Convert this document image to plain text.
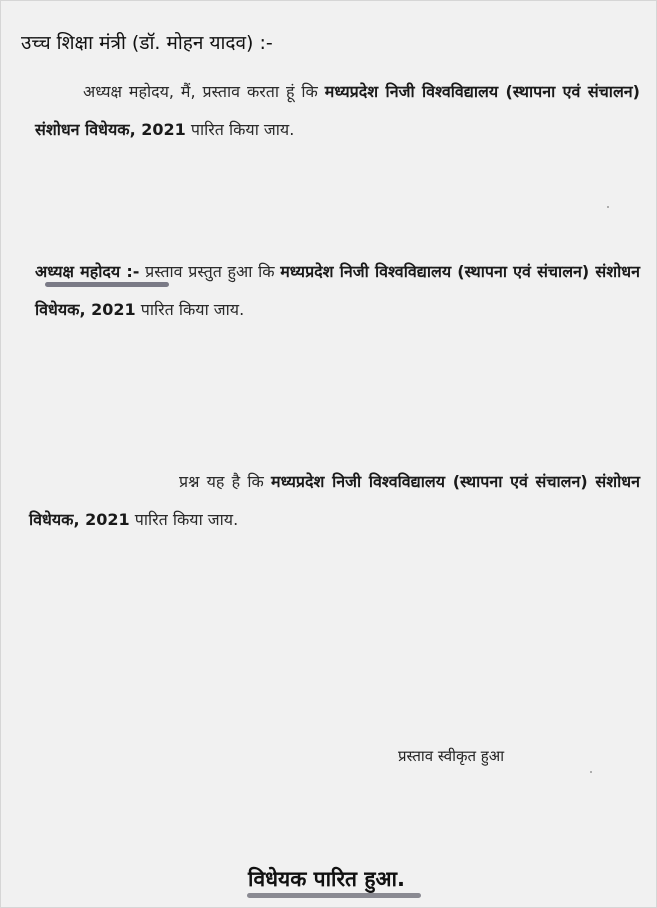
उच्च शिक्षा मंत्री (डॉ. मोहन यादव) :-
अध्यक्ष महोदय, मैं, प्रस्ताव करता हूं कि मध्यप्रदेश निजी विश्वविद्यालय (स्थापना एवं संचालन) संशोधन विधेयक, 2021 पारित किया जाय.
अध्यक्ष महोदय :- प्रस्ताव प्रस्तुत हुआ कि मध्यप्रदेश निजी विश्वविद्यालय (स्थापना एवं संचालन) संशोधन विधेयक, 2021 पारित किया जाय.
प्रश्न यह है कि मध्यप्रदेश निजी विश्वविद्यालय (स्थापना एवं संचालन) संशोधन विधेयक, 2021 पारित किया जाय.
प्रस्ताव स्वीकृत हुआ
विधेयक पारित हुआ.
